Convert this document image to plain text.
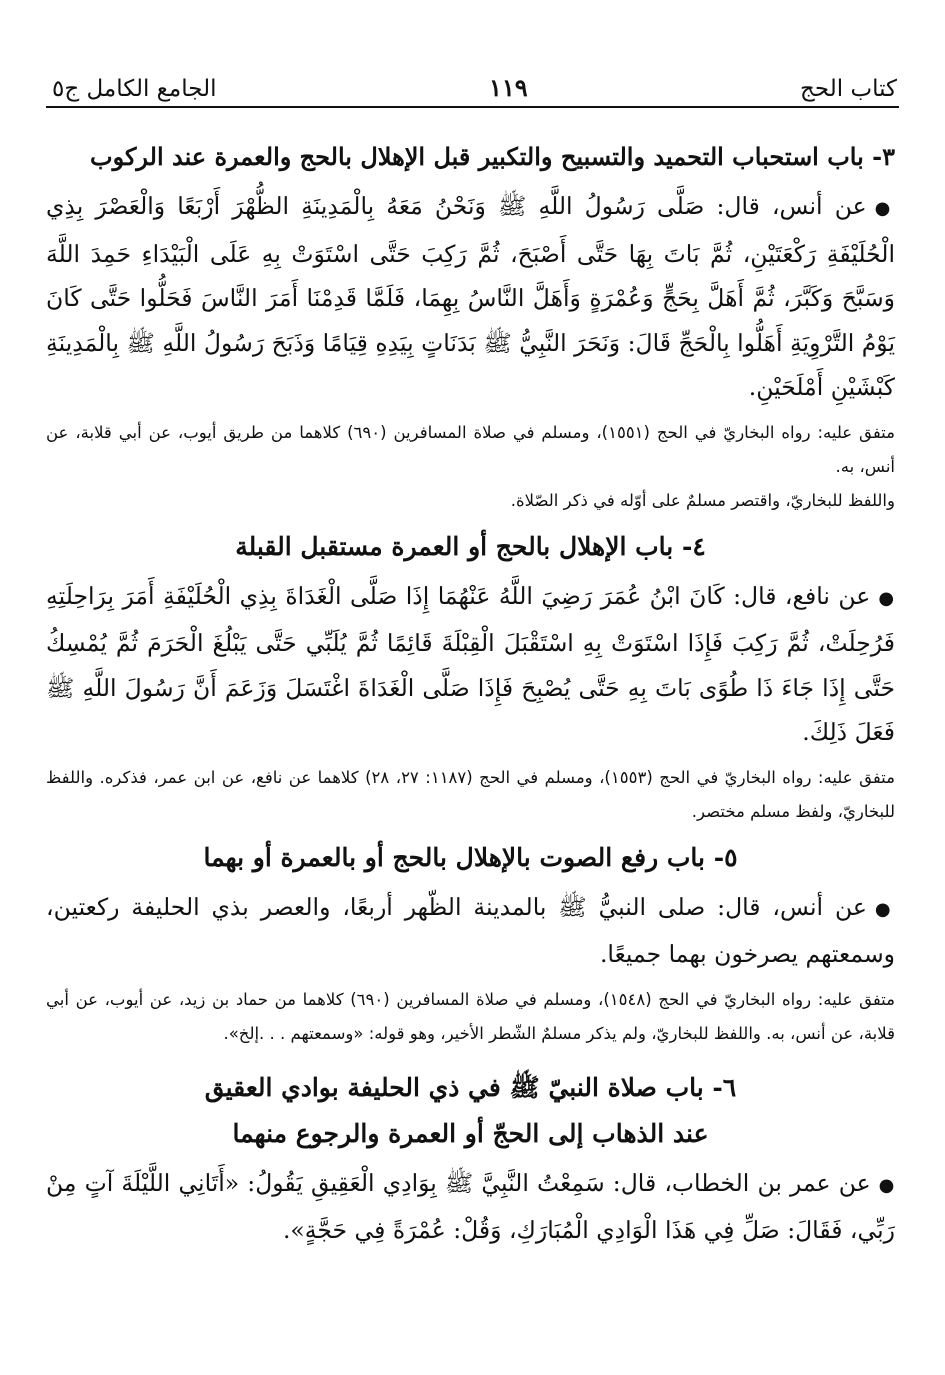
كتاب الحج
١١٩
الجامع الكامل ج٥
٣- باب استحباب التحميد والتسبيح والتكبير قبل الإهلال بالحج والعمرة عند الركوب

●عن أنس، قال: صَلَّى رَسُولُ اللَّهِ ﷺ وَنَحْنُ مَعَهُ بِالْمَدِينَةِ الظُّهْرَ أَرْبَعًا وَالْعَصْرَ بِذِي الْحُلَيْفَةِ رَكْعَتَيْنِ، ثُمَّ بَاتَ بِهَا حَتَّى أَصْبَحَ، ثُمَّ رَكِبَ حَتَّى اسْتَوَتْ بِهِ عَلَى الْبَيْدَاءِ حَمِدَ اللَّهَ وَسَبَّحَ وَكَبَّرَ، ثُمَّ أَهَلَّ بِحَجٍّ وَعُمْرَةٍ وَأَهَلَّ النَّاسُ بِهِمَا، فَلَمَّا قَدِمْنَا أَمَرَ النَّاسَ فَحَلُّوا حَتَّى كَانَ يَوْمُ التَّرْوِيَةِ أَهَلُّوا بِالْحَجِّ قَالَ: وَنَحَرَ النَّبِيُّ ﷺ بَدَنَاتٍ بِيَدِهِ قِيَامًا وَذَبَحَ رَسُولُ اللَّهِ ﷺ بِالْمَدِينَةِ كَبْشَيْنِ أَمْلَحَيْنِ.

متفق عليه: رواه البخاريّ في الحج (١٥٥١)، ومسلم في صلاة المسافرين (٦٩٠) كلاهما من طريق أيوب، عن أبي قلابة، عن أنس، به.

واللفظ للبخاريّ، واقتصر مسلمٌ على أوّله في ذكر الصّلاة.

٤- باب الإهلال بالحج أو العمرة مستقبل القبلة

●عن نافع، قال: كَانَ ابْنُ عُمَرَ رَضِيَ اللَّهُ عَنْهُمَا إِذَا صَلَّى الْغَدَاةَ بِذِي الْحُلَيْفَةِ أَمَرَ بِرَاحِلَتِهِ فَرُحِلَتْ، ثُمَّ رَكِبَ فَإِذَا اسْتَوَتْ بِهِ اسْتَقْبَلَ الْقِبْلَةَ قَائِمًا ثُمَّ يُلَبِّي حَتَّى يَبْلُغَ الْحَرَمَ ثُمَّ يُمْسِكُ حَتَّى إِذَا جَاءَ ذَا طُوًى بَاتَ بِهِ حَتَّى يُصْبِحَ فَإِذَا صَلَّى الْغَدَاةَ اغْتَسَلَ وَزَعَمَ أَنَّ رَسُولَ اللَّهِ ﷺ فَعَلَ ذَلِكَ.

متفق عليه: رواه البخاريّ في الحج (١٥٥٣)، ومسلم في الحج (١١٨٧: ٢٧، ٢٨) كلاهما عن نافع، عن ابن عمر، فذكره. واللفظ للبخاريّ، ولفظ مسلم مختصر.

٥- باب رفع الصوت بالإهلال بالحج أو بالعمرة أو بهما

●عن أنس، قال: صلى النبيُّ ﷺ بالمدينة الظّهر أربعًا، والعصر بذي الحليفة ركعتين، وسمعتهم يصرخون بهما جميعًا.

متفق عليه: رواه البخاريّ في الحج (١٥٤٨)، ومسلم في صلاة المسافرين (٦٩٠) كلاهما من حماد بن زيد، عن أيوب، عن أبي قلابة، عن أنس، به. واللفظ للبخاريّ، ولم يذكر مسلمٌ الشّطر الأخير، وهو قوله: «وسمعتهم . . .إلخ».

٦- باب صلاة النبيّ ﷺ في ذي الحليفة بوادي العقيق
عند الذهاب إلى الحجّ أو العمرة والرجوع منهما

●عن عمر بن الخطاب، قال: سَمِعْتُ النَّبِيَّ ﷺ بِوَادِي الْعَقِيقِ يَقُولُ: «أَتَانِي اللَّيْلَةَ آتٍ مِنْ رَبِّي، فَقَالَ: صَلِّ فِي هَذَا الْوَادِي الْمُبَارَكِ، وَقُلْ: عُمْرَةً فِي حَجَّةٍ».
